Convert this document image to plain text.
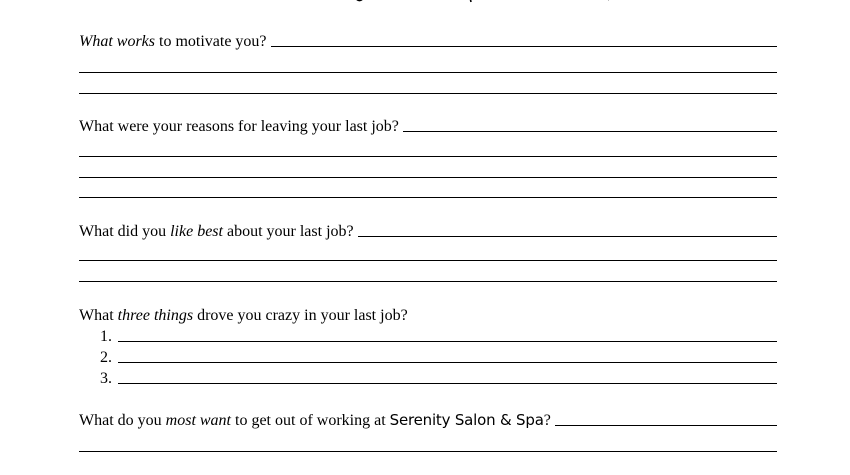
What works to motivate you?
What were your reasons for leaving your last job?
What did you like best about your last job?
What three things drove you crazy in your last job?
1.
2.
3.
What do you most want to get out of working at Serenity Salon & Spa?
